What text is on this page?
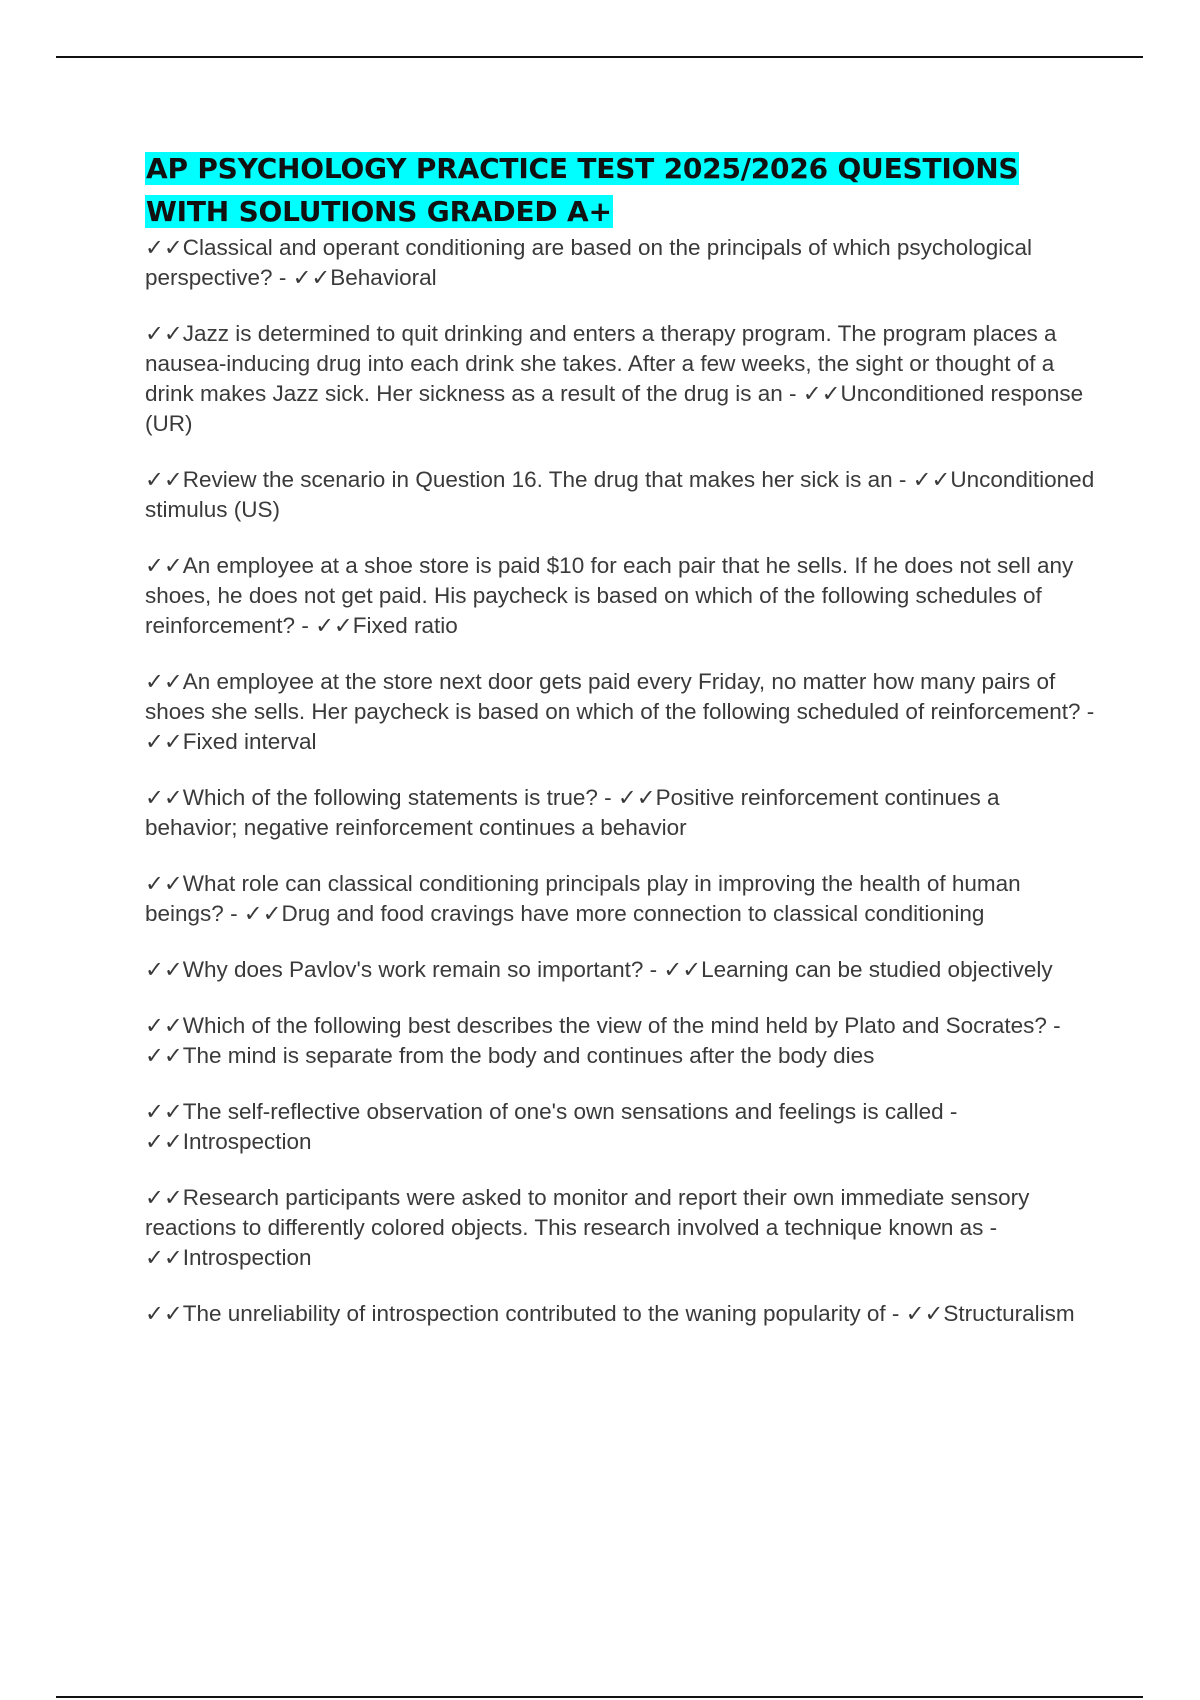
AP PSYCHOLOGY PRACTICE TEST 2025/2026 QUESTIONS WITH SOLUTIONS GRADED A+
✓✓Classical and operant conditioning are based on the principals of which psychological perspective? - ✓✓Behavioral
✓✓Jazz is determined to quit drinking and enters a therapy program. The program places a nausea-inducing drug into each drink she takes. After a few weeks, the sight or thought of a drink makes Jazz sick. Her sickness as a result of the drug is an - ✓✓Unconditioned response (UR)
✓✓Review the scenario in Question 16. The drug that makes her sick is an - ✓✓Unconditioned stimulus (US)
✓✓An employee at a shoe store is paid $10 for each pair that he sells. If he does not sell any shoes, he does not get paid. His paycheck is based on which of the following schedules of reinforcement? - ✓✓Fixed ratio
✓✓An employee at the store next door gets paid every Friday, no matter how many pairs of shoes she sells. Her paycheck is based on which of the following scheduled of reinforcement? - ✓✓Fixed interval
✓✓Which of the following statements is true? - ✓✓Positive reinforcement continues a behavior; negative reinforcement continues a behavior
✓✓What role can classical conditioning principals play in improving the health of human beings? - ✓✓Drug and food cravings have more connection to classical conditioning
✓✓Why does Pavlov's work remain so important? - ✓✓Learning can be studied objectively
✓✓Which of the following best describes the view of the mind held by Plato and Socrates? - ✓✓The mind is separate from the body and continues after the body dies
✓✓The self-reflective observation of one's own sensations and feelings is called - ✓✓Introspection
✓✓Research participants were asked to monitor and report their own immediate sensory reactions to differently colored objects. This research involved a technique known as - ✓✓Introspection
✓✓The unreliability of introspection contributed to the waning popularity of - ✓✓Structuralism
